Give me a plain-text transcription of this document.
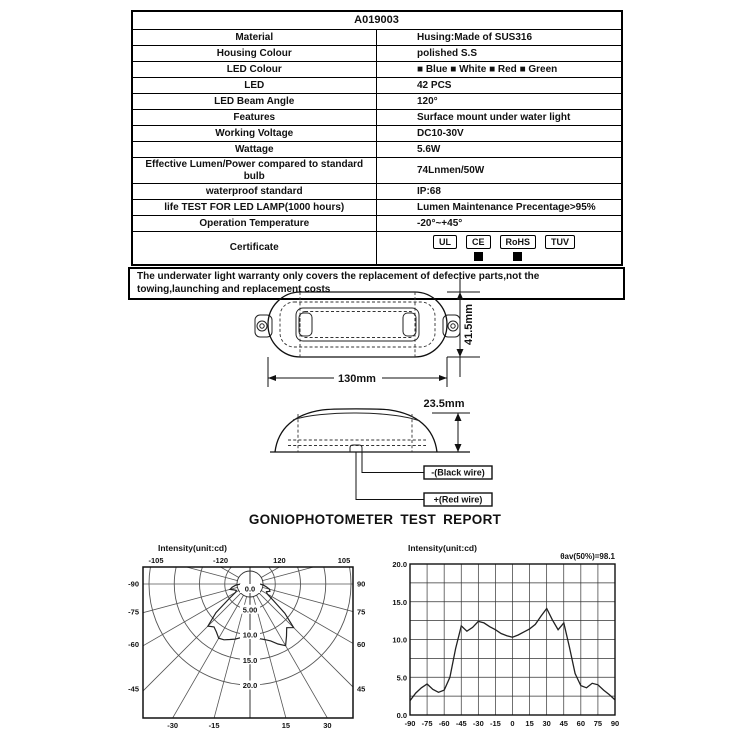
A019003	
Material	Husing:Made of SUS316
Housing Colour	polished S.S
LED Colour	■ Blue ■ White ■ Red ■ Green
LED	42 PCS
LED Beam Angle	120°
Features	Surface mount under water light
Working Voltage	DC10-30V
Wattage	5.6W
Effective Lumen/Power compared to standard bulb	74Lnmen/50W
waterproof standard	IP:68
life TEST FOR LED LAMP(1000 hours)	Lumen Maintenance Precentage>95%
Operation Temperature	-20°~+45°
Certificate	UL CE RoHS TUV
The underwater light warranty only covers the replacement of defective parts,not the towing,launching and replacement costs
130mm
41.5mm
23.5mm
-(Black wire)
+(Red wire)
GONIOPHOTOMETER TEST REPORT
0.0
5.00
10.0
15.0
20.0
-120
-105
-90
-75
-60
-45
-30	-15	15	30
45
60
75
90
105
120
Intensity(unit:cd)
0.0
5.0
10.0
15.0
20.0
-90 -75 -60 -45 -30 -15 0 15 30 45 60 75 90
Intensity(unit:cd)
θav(50%)=98.1
